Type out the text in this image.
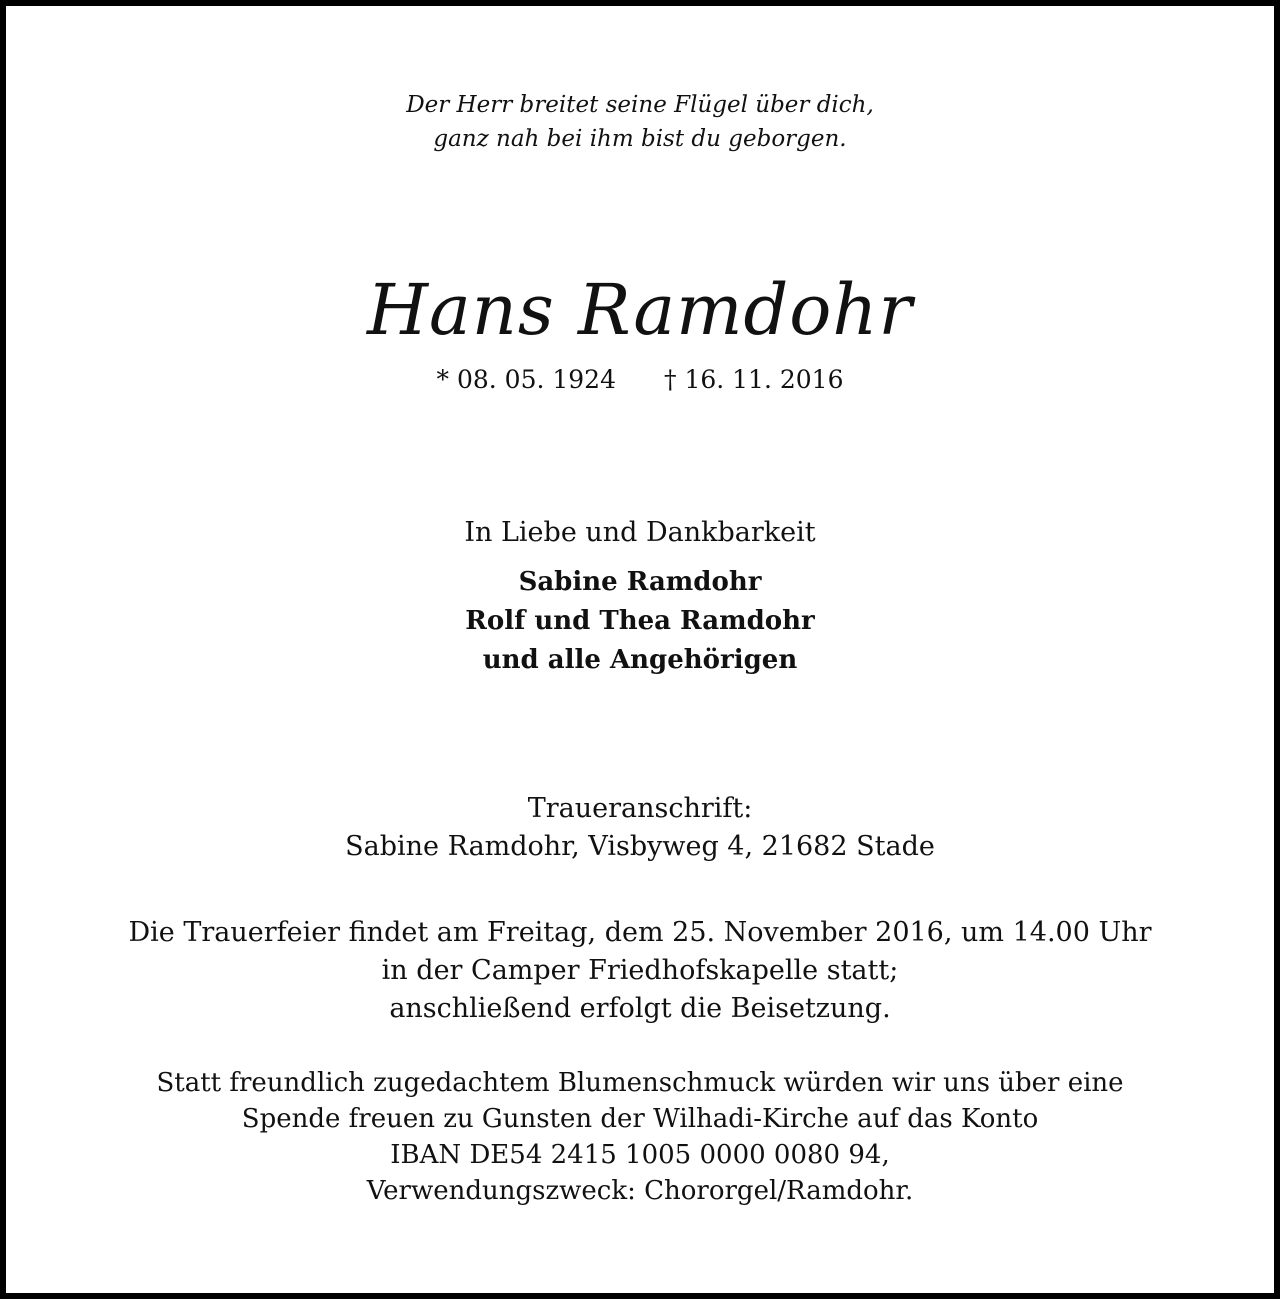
Der Herr breitet seine Flügel über dich,
ganz nah bei ihm bist du geborgen.
Hans Ramdohr
* 08. 05. 1924 † 16. 11. 2016
In Liebe und Dankbarkeit
Sabine Ramdohr
Rolf und Thea Ramdohr
und alle Angehörigen
Traueranschrift:
Sabine Ramdohr, Visbyweg 4, 21682 Stade
Die Trauerfeier findet am Freitag, dem 25. November 2016, um 14.00 Uhr
in der Camper Friedhofskapelle statt;
anschließend erfolgt die Beisetzung.
Statt freundlich zugedachtem Blumenschmuck würden wir uns über eine
Spende freuen zu Gunsten der Wilhadi-Kirche auf das Konto
IBAN DE54 2415 1005 0000 0080 94,
Verwendungszweck: Chororgel/Ramdohr.
